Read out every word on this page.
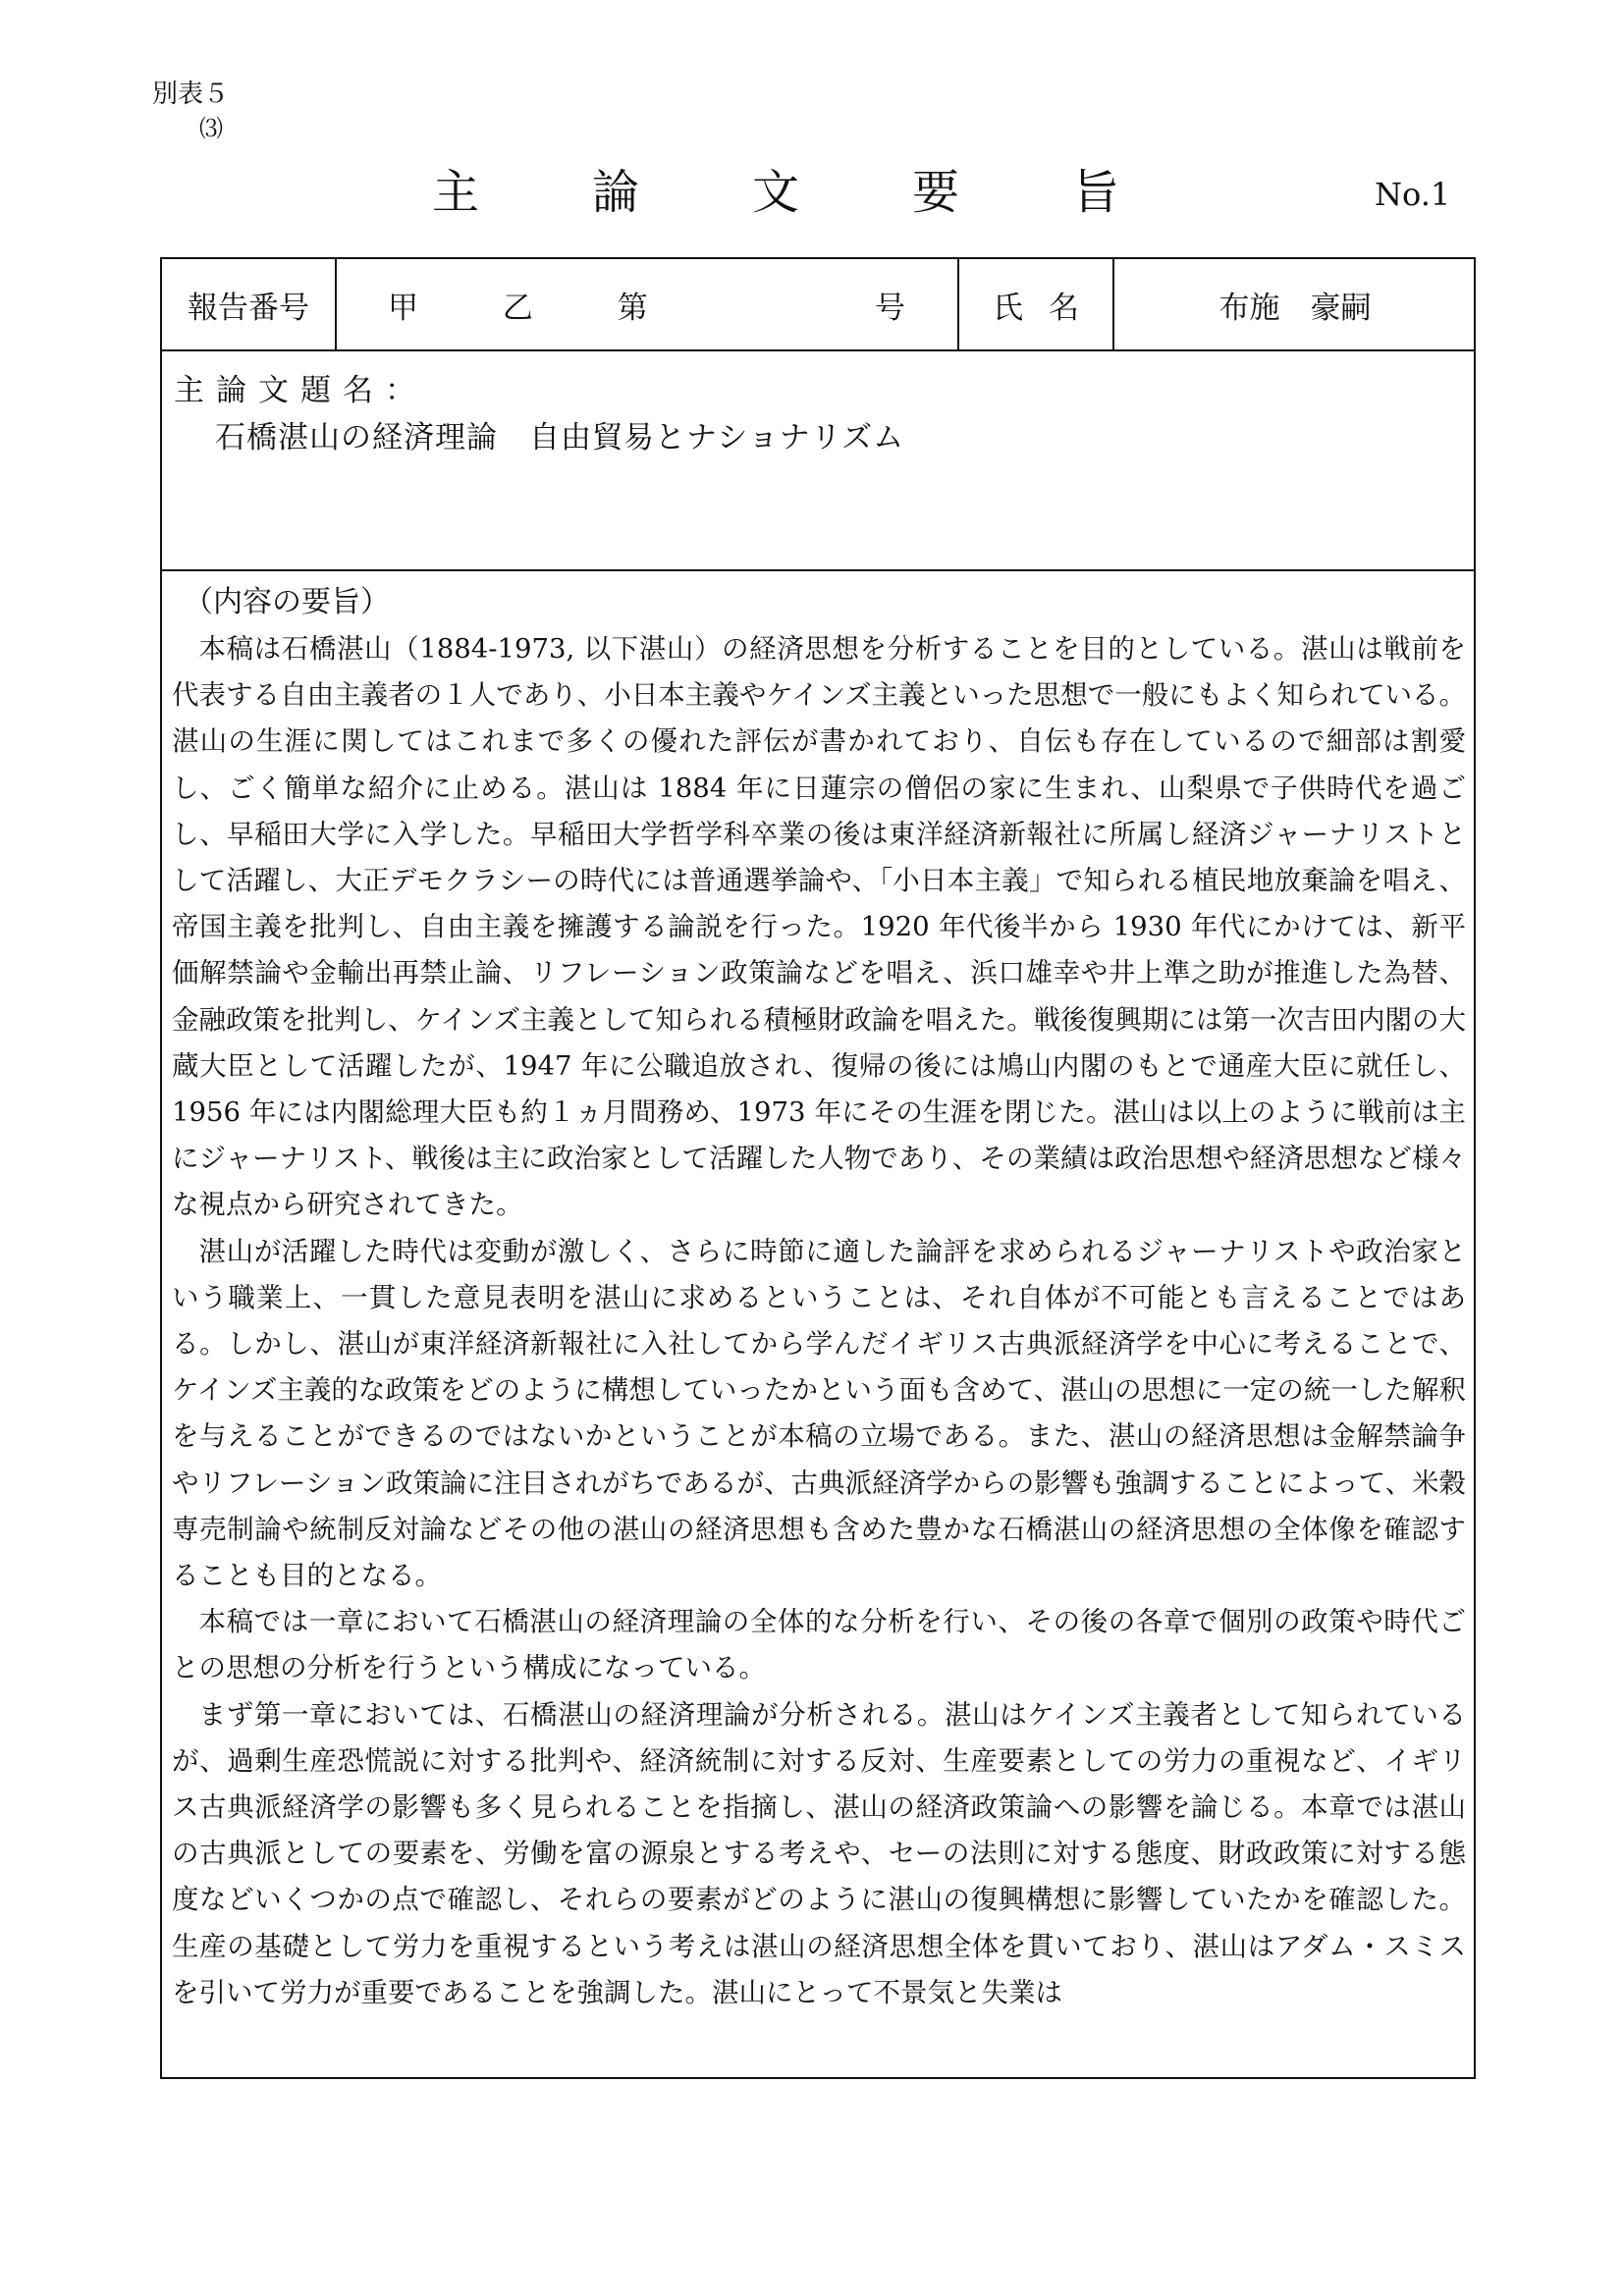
別表５
⑶
主 論 文 要 旨	No.1
報告番号	甲 乙 第	号	氏名	布施　豪嗣
主論文題名：
石橋湛山の経済理論　自由貿易とナショナリズム
（内容の要旨）

本稿は石橋湛山（1884-1973, 以下湛山）の経済思想を分析することを目的としている。湛山は戦前を代表する自由主義者の１人であり、小日本主義やケインズ主義といった思想で一般にもよく知られている。湛山の生涯に関してはこれまで多くの優れた評伝が書かれており、自伝も存在しているので細部は割愛し、ごく簡単な紹介に止める。湛山は 1884 年に日蓮宗の僧侶の家に生まれ、山梨県で子供時代を過ごし、早稲田大学に入学した。早稲田大学哲学科卒業の後は東洋経済新報社に所属し経済ジャーナリストとして活躍し、大正デモクラシーの時代には普通選挙論や、「小日本主義」で知られる植民地放棄論を唱え、帝国主義を批判し、自由主義を擁護する論説を行った。1920 年代後半から 1930 年代にかけては、新平価解禁論や金輸出再禁止論、リフレーション政策論などを唱え、浜口雄幸や井上準之助が推進した為替、金融政策を批判し、ケインズ主義として知られる積極財政論を唱えた。戦後復興期には第一次吉田内閣の大蔵大臣として活躍したが、1947 年に公職追放され、復帰の後には鳩山内閣のもとで通産大臣に就任し、1956 年には内閣総理大臣も約１ヵ月間務め、1973 年にその生涯を閉じた。湛山は以上のように戦前は主にジャーナリスト、戦後は主に政治家として活躍した人物であり、その業績は政治思想や経済思想など様々な視点から研究されてきた。

湛山が活躍した時代は変動が激しく、さらに時節に適した論評を求められるジャーナリストや政治家という職業上、一貫した意見表明を湛山に求めるということは、それ自体が不可能とも言えることではある。しかし、湛山が東洋経済新報社に入社してから学んだイギリス古典派経済学を中心に考えることで、ケインズ主義的な政策をどのように構想していったかという面も含めて、湛山の思想に一定の統一した解釈を与えることができるのではないかということが本稿の立場である。また、湛山の経済思想は金解禁論争やリフレーション政策論に注目されがちであるが、古典派経済学からの影響も強調することによって、米穀専売制論や統制反対論などその他の湛山の経済思想も含めた豊かな石橋湛山の経済思想の全体像を確認することも目的となる。

本稿では一章において石橋湛山の経済理論の全体的な分析を行い、その後の各章で個別の政策や時代ごとの思想の分析を行うという構成になっている。

まず第一章においては、石橋湛山の経済理論が分析される。湛山はケインズ主義者として知られているが、過剰生産恐慌説に対する批判や、経済統制に対する反対、生産要素としての労力の重視など、イギリス古典派経済学の影響も多く見られることを指摘し、湛山の経済政策論への影響を論じる。本章では湛山の古典派としての要素を、労働を富の源泉とする考えや、セーの法則に対する態度、財政政策に対する態度などいくつかの点で確認し、それらの要素がどのように湛山の復興構想に影響していたかを確認した。生産の基礎として労力を重視するという考えは湛山の経済思想全体を貫いており、湛山はアダム・スミスを引いて労力が重要であることを強調した。湛山にとって不景気と失業は
